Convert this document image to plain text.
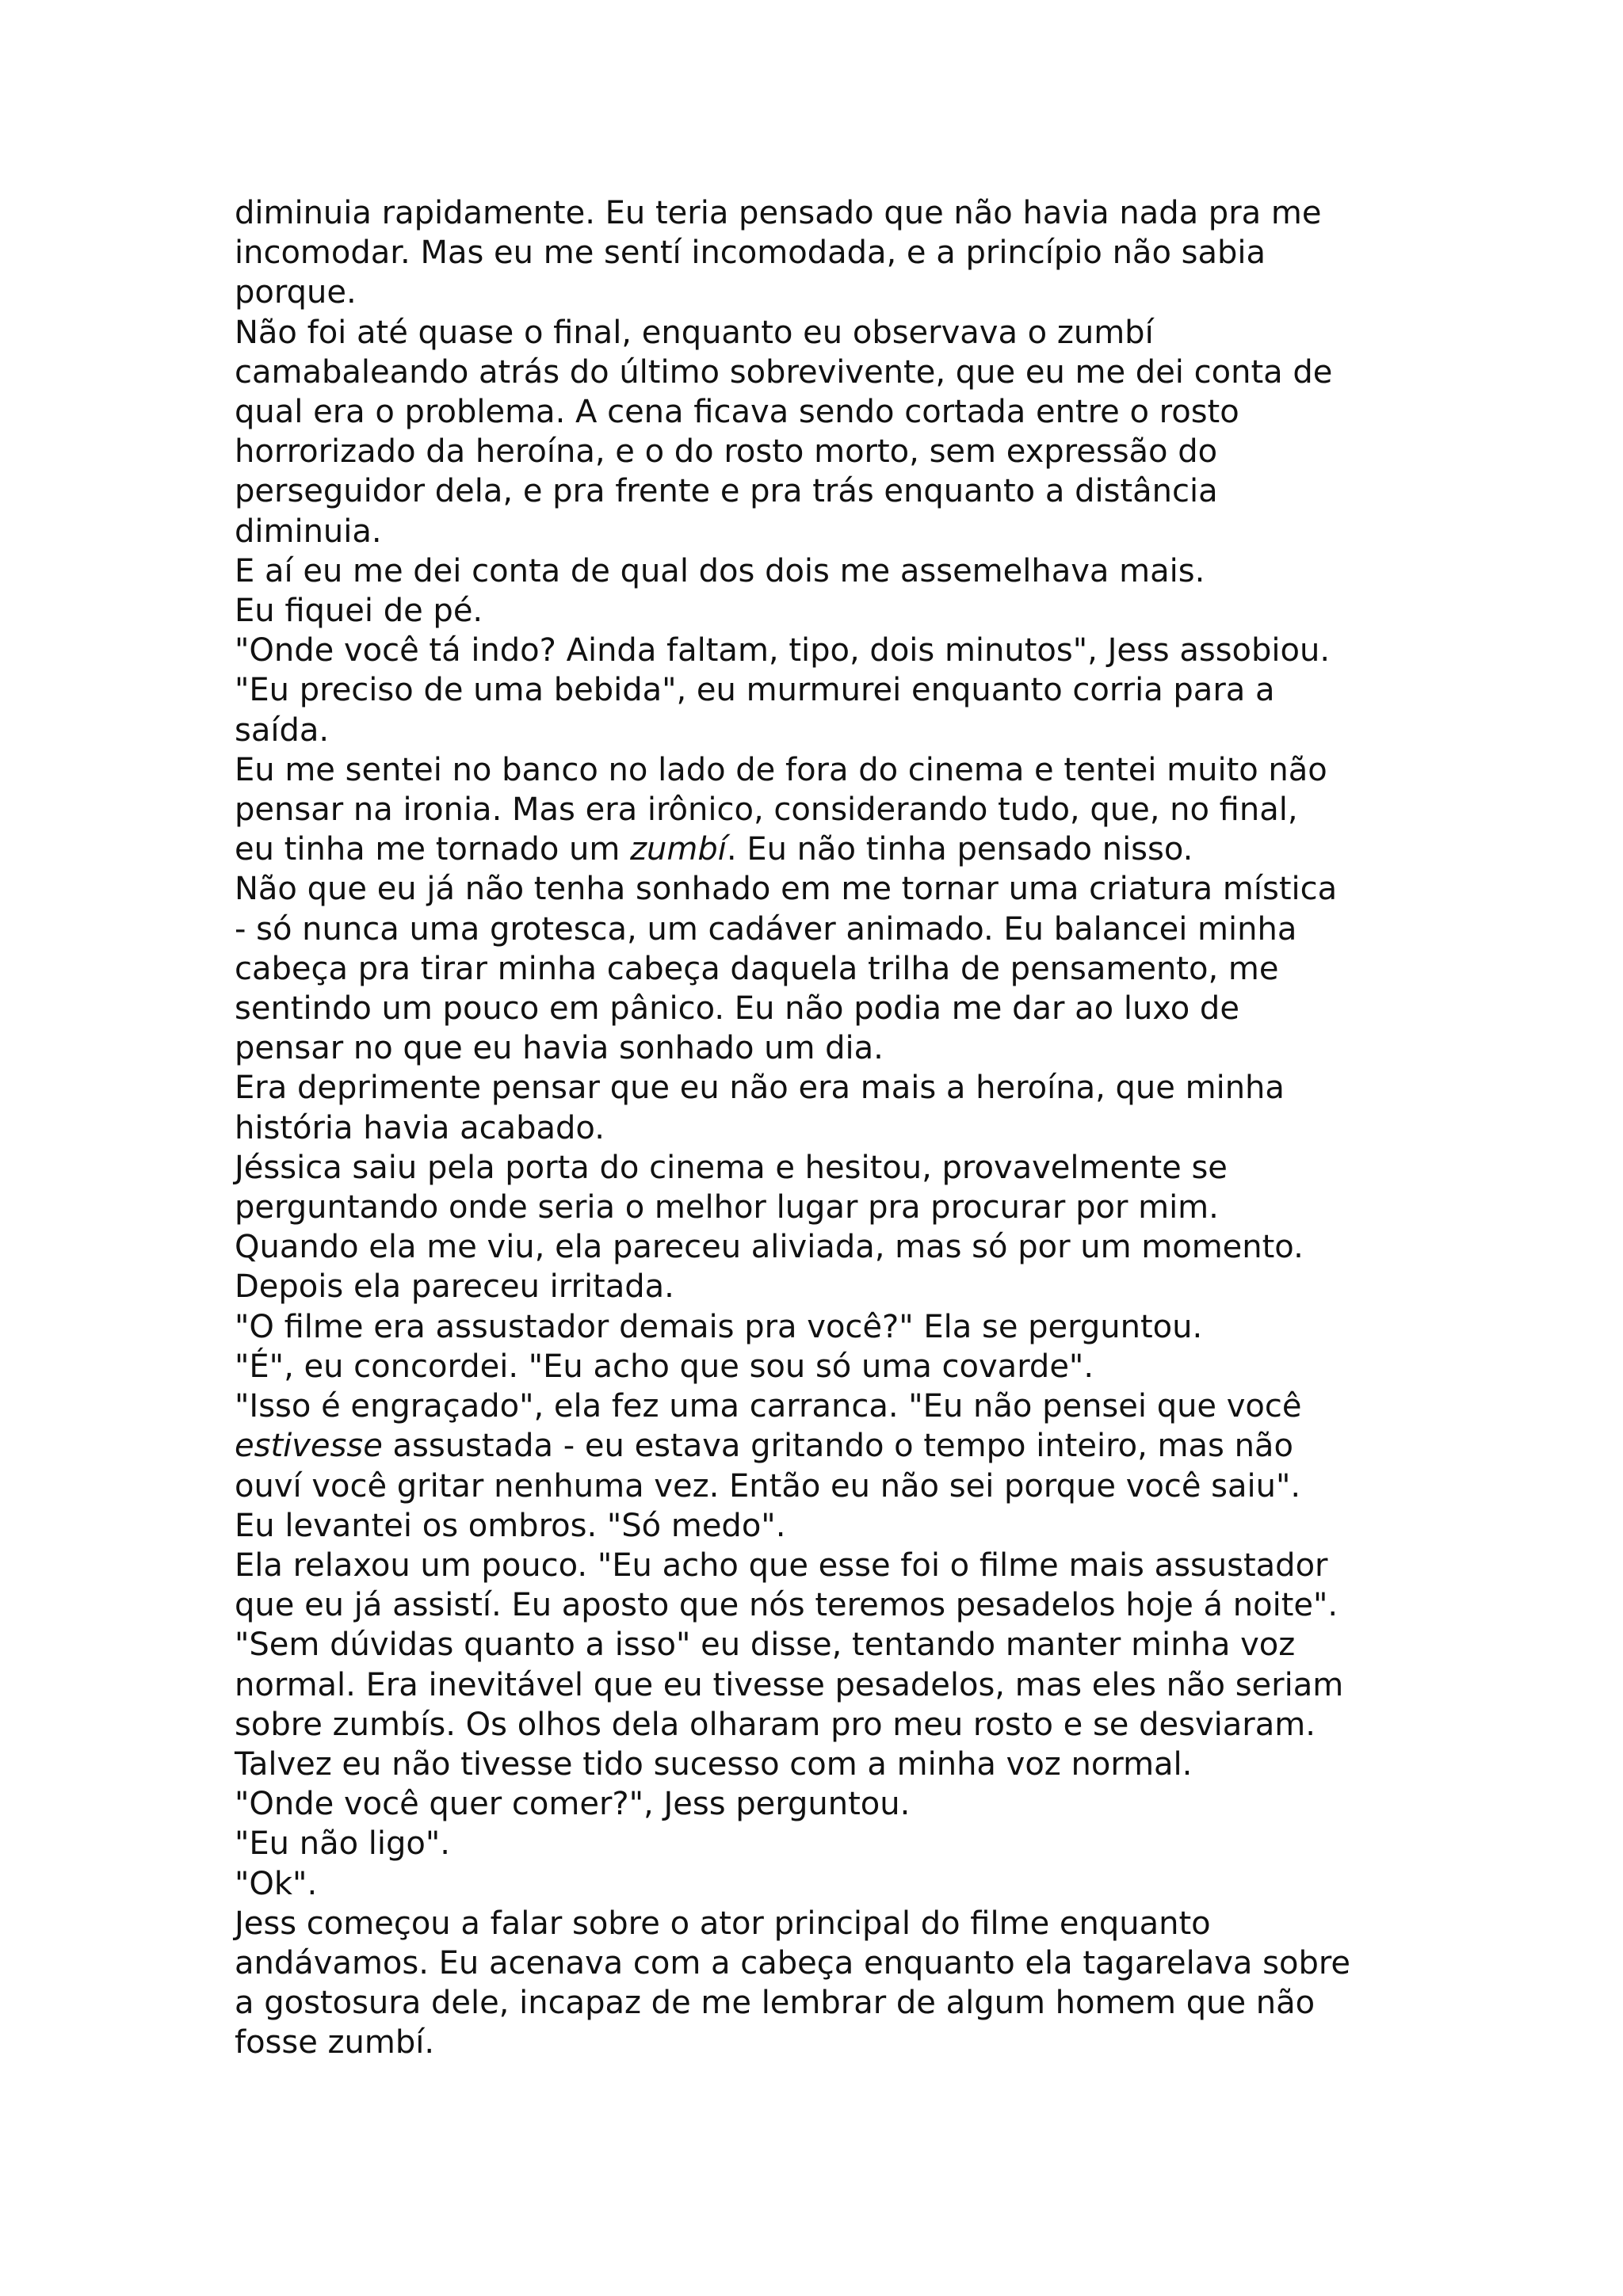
diminuia rapidamente. Eu teria pensado que não havia nada pra me
incomodar. Mas eu me sentí incomodada, e a princípio não sabia
porque.
Não foi até quase o final, enquanto eu observava o zumbí
camabaleando atrás do último sobrevivente, que eu me dei conta de
qual era o problema. A cena ficava sendo cortada entre o rosto
horrorizado da heroína, e o do rosto morto, sem expressão do
perseguidor dela, e pra frente e pra trás enquanto a distância
diminuia.
E aí eu me dei conta de qual dos dois me assemelhava mais.
Eu fiquei de pé.
"Onde você tá indo? Ainda faltam, tipo, dois minutos", Jess assobiou.
"Eu preciso de uma bebida", eu murmurei enquanto corria para a
saída.
Eu me sentei no banco no lado de fora do cinema e tentei muito não
pensar na ironia. Mas era irônico, considerando tudo, que, no final,
eu tinha me tornado um zumbí. Eu não tinha pensado nisso.
Não que eu já não tenha sonhado em me tornar uma criatura mística
- só nunca uma grotesca, um cadáver animado. Eu balancei minha
cabeça pra tirar minha cabeça daquela trilha de pensamento, me
sentindo um pouco em pânico. Eu não podia me dar ao luxo de
pensar no que eu havia sonhado um dia.
Era deprimente pensar que eu não era mais a heroína, que minha
história havia acabado.
Jéssica saiu pela porta do cinema e hesitou, provavelmente se
perguntando onde seria o melhor lugar pra procurar por mim.
Quando ela me viu, ela pareceu aliviada, mas só por um momento.
Depois ela pareceu irritada.
"O filme era assustador demais pra você?" Ela se perguntou.
"É", eu concordei. "Eu acho que sou só uma covarde".
"Isso é engraçado", ela fez uma carranca. "Eu não pensei que você
estivesse assustada - eu estava gritando o tempo inteiro, mas não
ouví você gritar nenhuma vez. Então eu não sei porque você saiu".
Eu levantei os ombros. "Só medo".
Ela relaxou um pouco. "Eu acho que esse foi o filme mais assustador
que eu já assistí. Eu aposto que nós teremos pesadelos hoje á noite".
"Sem dúvidas quanto a isso" eu disse, tentando manter minha voz
normal. Era inevitável que eu tivesse pesadelos, mas eles não seriam
sobre zumbís. Os olhos dela olharam pro meu rosto e se desviaram.
Talvez eu não tivesse tido sucesso com a minha voz normal.
"Onde você quer comer?", Jess perguntou.
"Eu não ligo".
"Ok".
Jess começou a falar sobre o ator principal do filme enquanto
andávamos. Eu acenava com a cabeça enquanto ela tagarelava sobre
a gostosura dele, incapaz de me lembrar de algum homem que não
fosse zumbí.
